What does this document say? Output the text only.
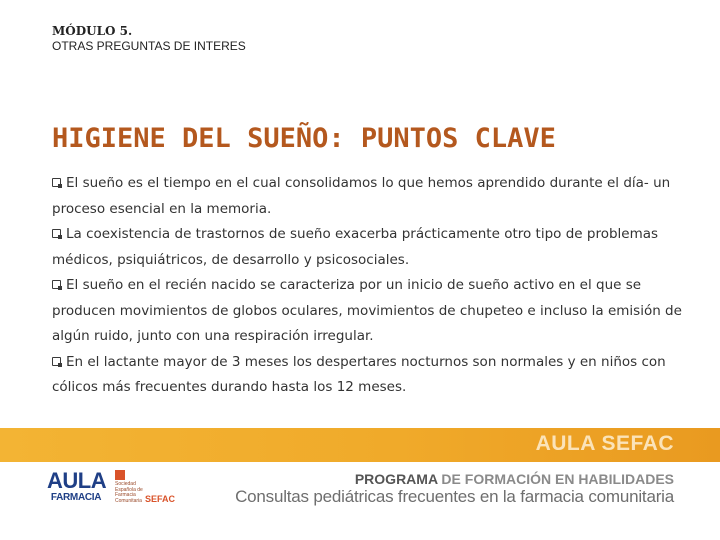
MÓDULO 5.
OTRAS PREGUNTAS DE INTERES
HIGIENE DEL SUEÑO: PUNTOS CLAVE
El sueño es el tiempo en el cual consolidamos lo que hemos aprendido durante el día- un proceso esencial en la memoria.
La coexistencia de trastornos de sueño exacerba prácticamente otro tipo de problemas médicos, psiquiátricos, de desarrollo y psicosociales.
El sueño en el recién nacido se caracteriza por un inicio de sueño activo en el que se producen movimientos de globos oculares, movimientos de chupeteo e incluso la emisión de algún ruido, junto con una respiración irregular.
En el lactante mayor de 3 meses los despertares nocturnos son normales y en niños con cólicos más frecuentes durando hasta los 12 meses.
AULA SEFAC
AULA
FARMACIA
Sociedad Española de Farmacia Comunitaria SEFAC
PROGRAMA DE FORMACIÓN EN HABILIDADES
Consultas pediátricas frecuentes en la farmacia comunitaria
